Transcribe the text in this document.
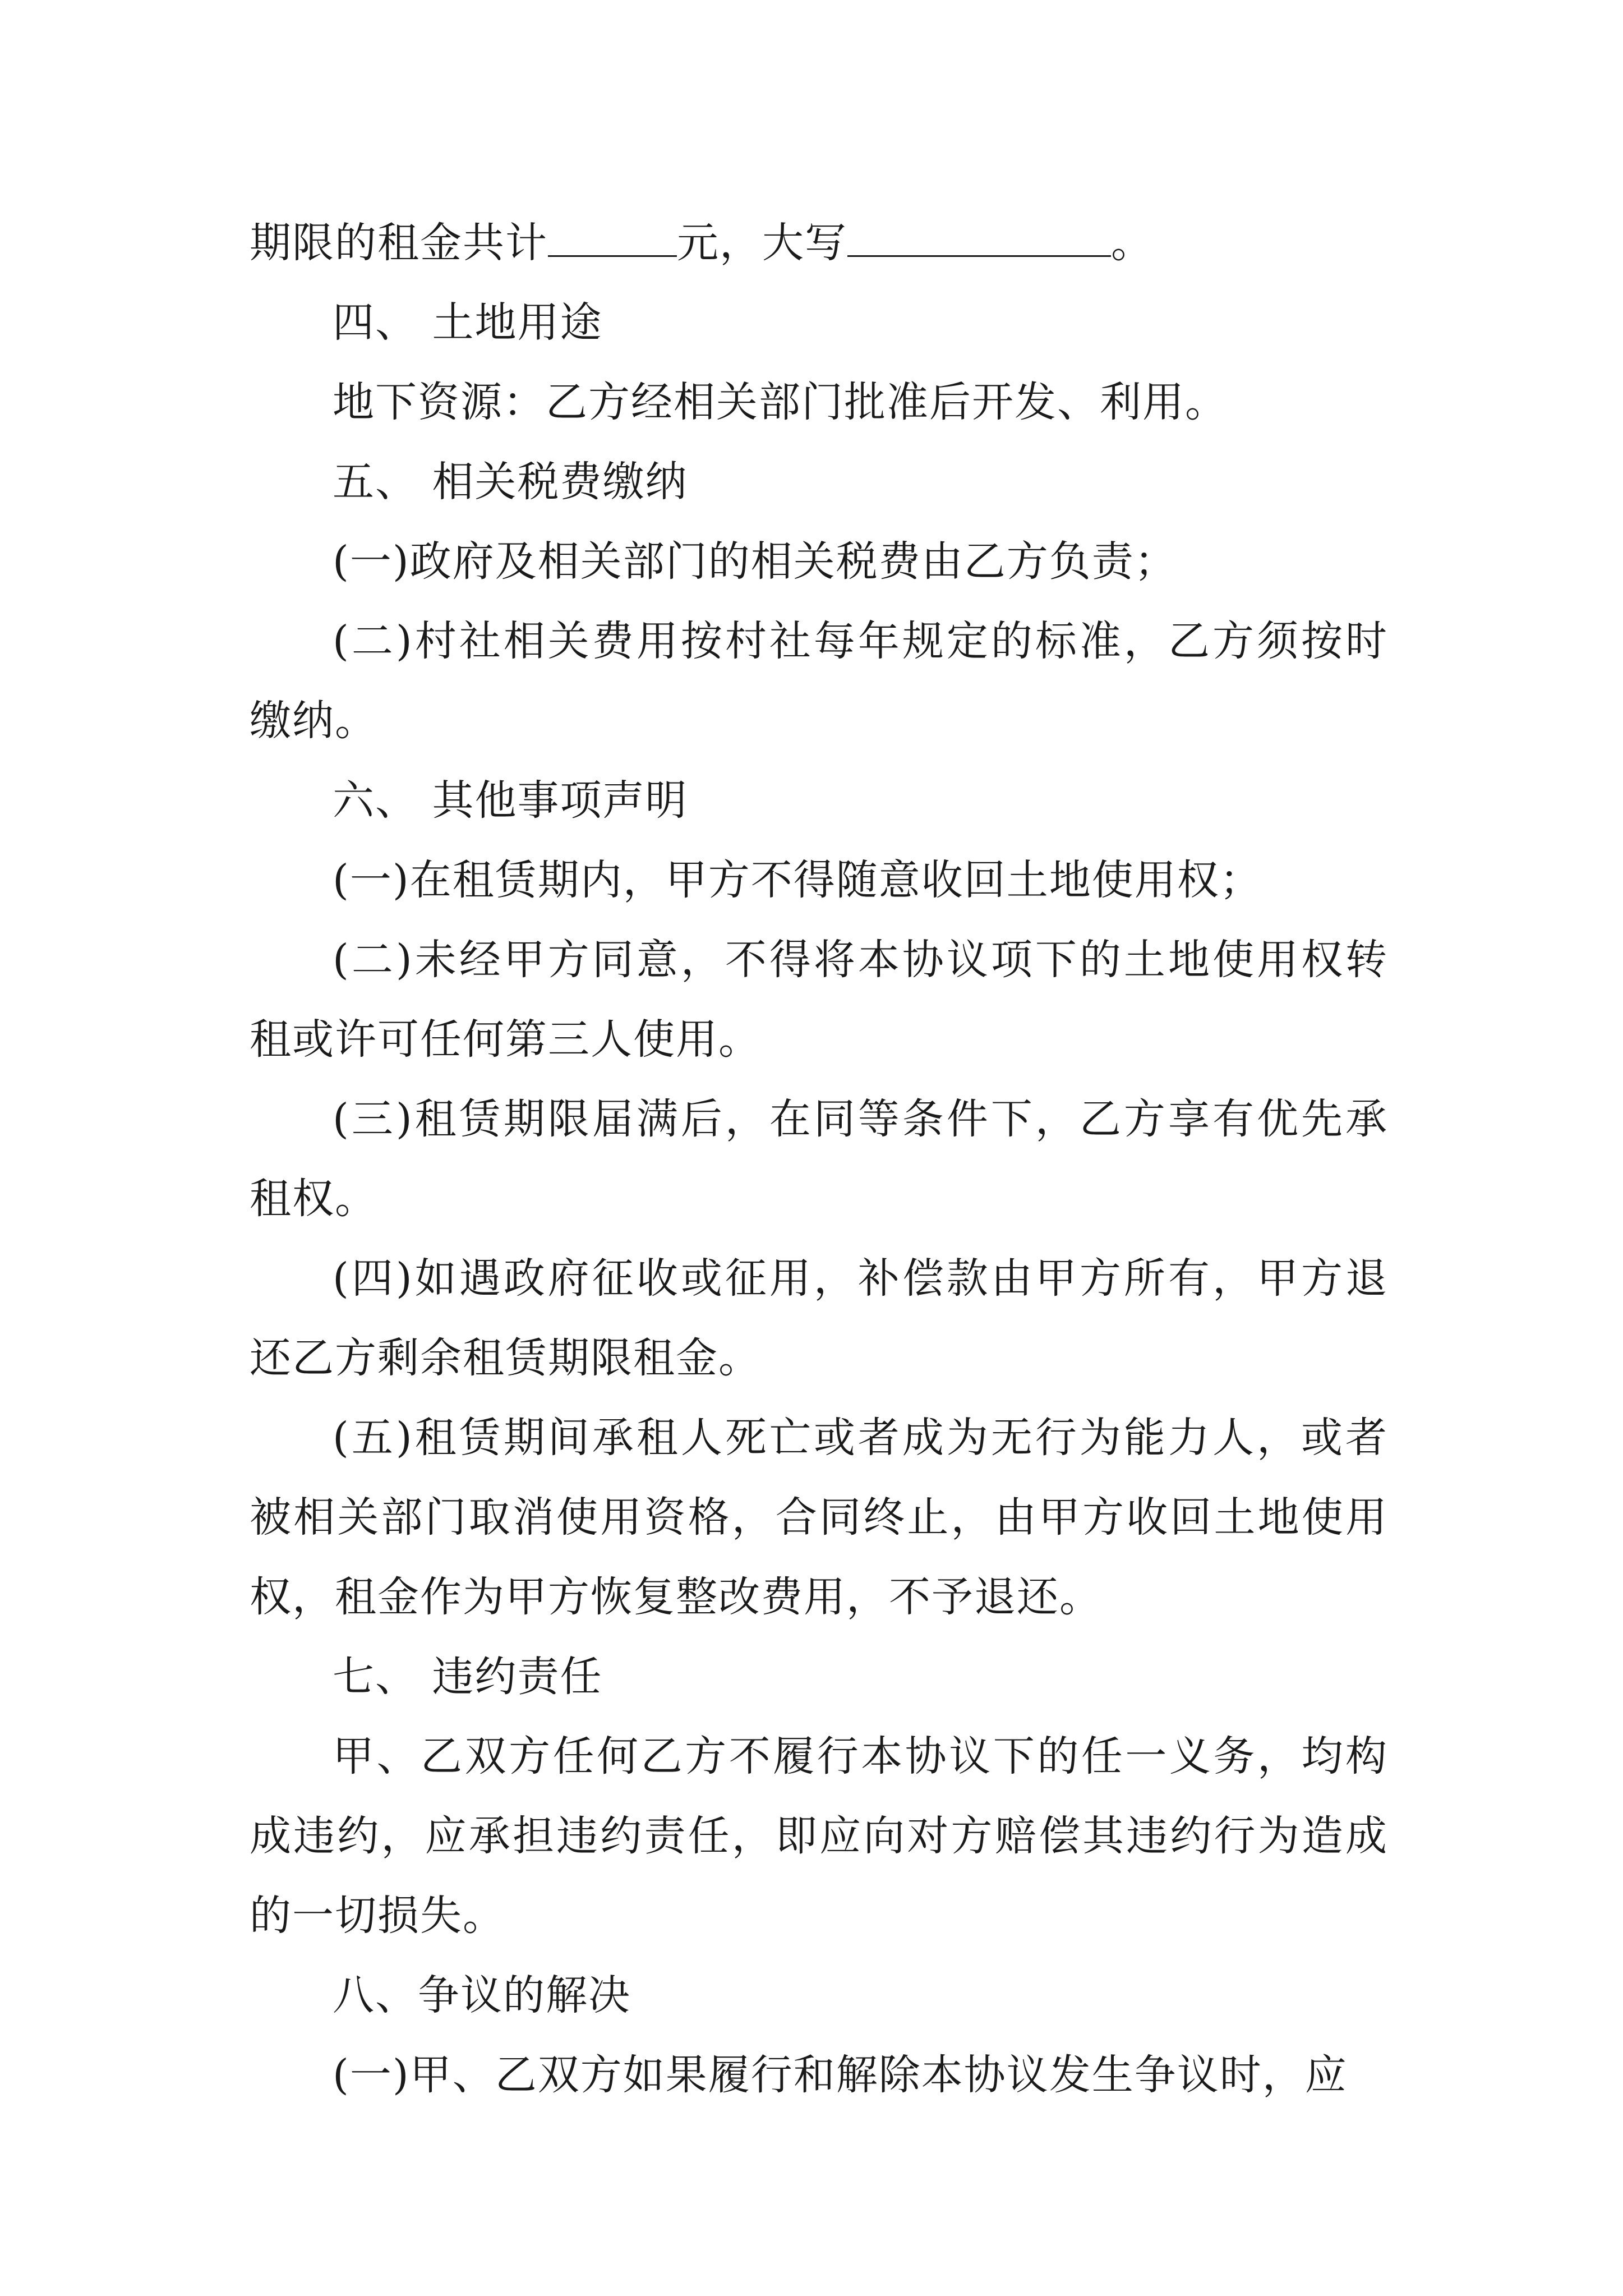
期限的租金共计	元，大写	。

四、 土地用途

地下资源：乙方经相关部门批准后开发、利用。

五、 相关税费缴纳

(一)政府及相关部门的相关税费由乙方负责；

(二)村社相关费用按村社每年规定的标准，乙方须按时缴纳。

六、 其他事项声明

(一)在租赁期内，甲方不得随意收回土地使用权；

(二)未经甲方同意，不得将本协议项下的土地使用权转租或许可任何第三人使用。

(三)租赁期限届满后，在同等条件下，乙方享有优先承租权。

(四)如遇政府征收或征用，补偿款由甲方所有，甲方退还乙方剩余租赁期限租金。

(五)租赁期间承租人死亡或者成为无行为能力人，或者被相关部门取消使用资格，合同终止，由甲方收回土地使用权，租金作为甲方恢复整改费用，不予退还。

七、 违约责任

甲、乙双方任何乙方不履行本协议下的任一义务，均构成违约，应承担违约责任，即应向对方赔偿其违约行为造成的一切损失。

八、争议的解决

(一)甲、乙双方如果履行和解除本协议发生争议时，应
